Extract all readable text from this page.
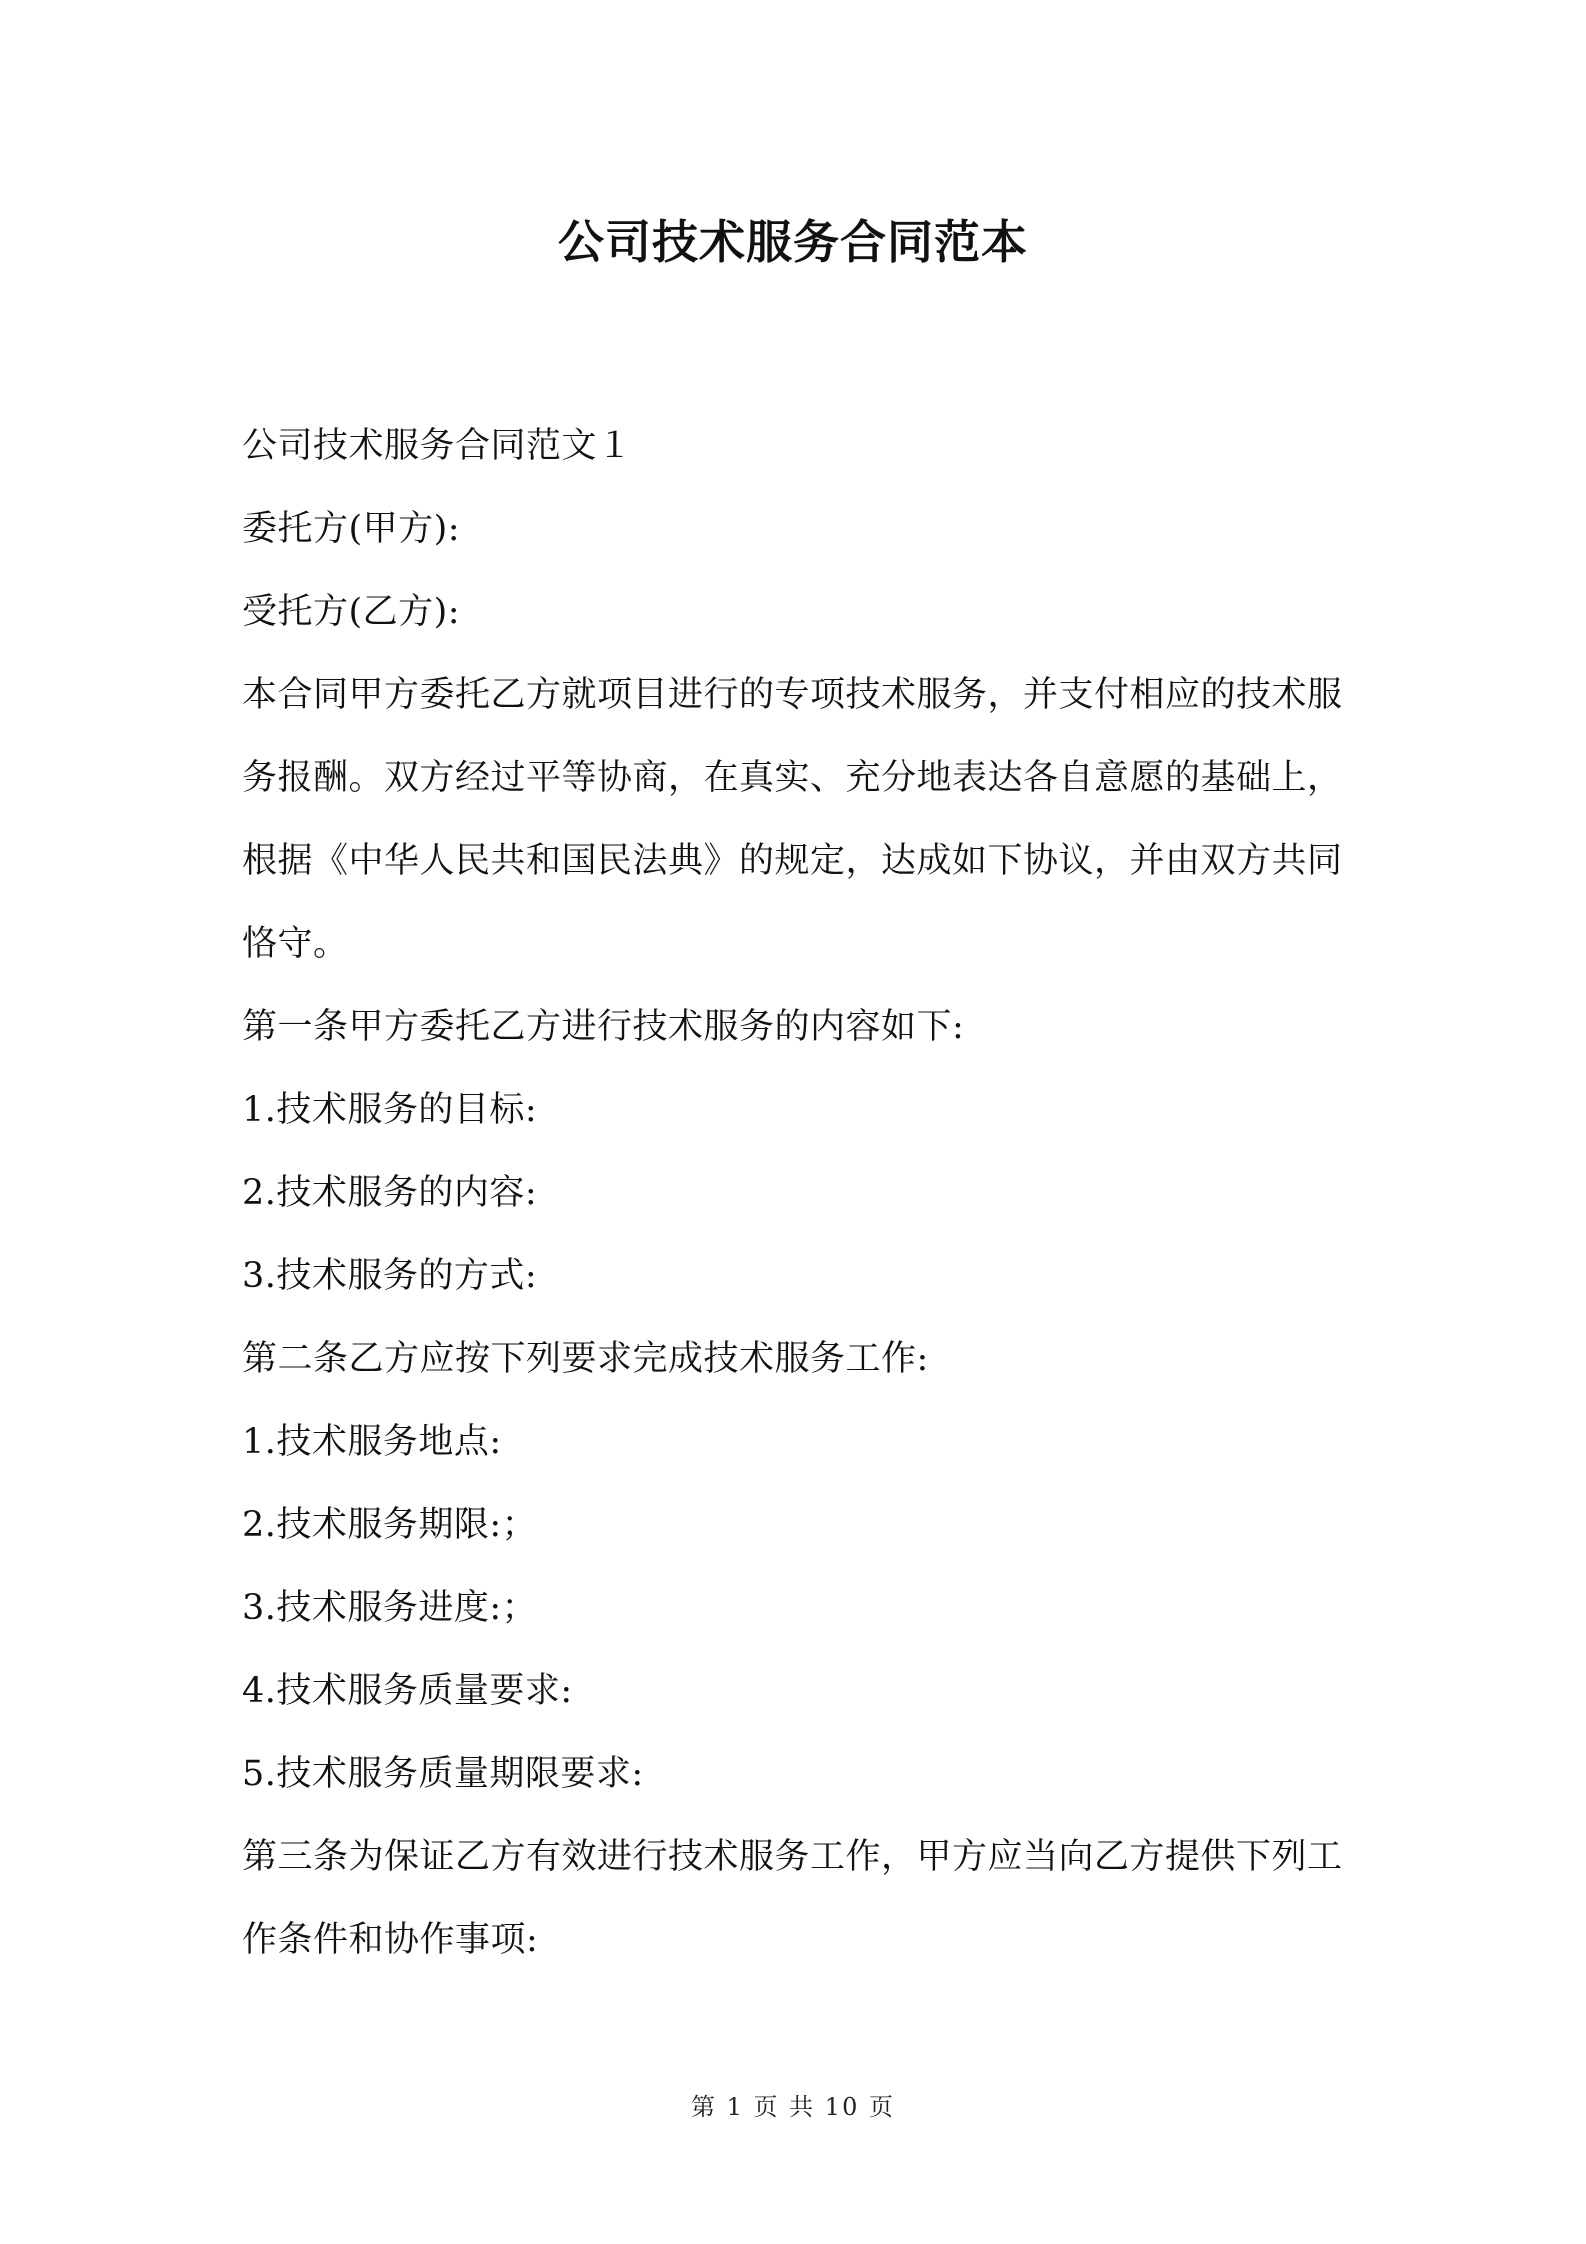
公司技术服务合同范本

公司技术服务合同范文１

委托方(甲方):

受托方(乙方):

本合同甲方委托乙方就项目进行的专项技术服务，并支付相应的技术服务报酬。双方经过平等协商，在真实、充分地表达各自意愿的基础上，根据《中华人民共和国民法典》的规定，达成如下协议，并由双方共同恪守。

第一条甲方委托乙方进行技术服务的内容如下:

1.技术服务的目标:

2.技术服务的内容:

3.技术服务的方式:

第二条乙方应按下列要求完成技术服务工作:

1.技术服务地点:

2.技术服务期限:；

3.技术服务进度:；

4.技术服务质量要求:

5.技术服务质量期限要求:

第三条为保证乙方有效进行技术服务工作，甲方应当向乙方提供下列工作条件和协作事项:

第 1 页 共 10 页
